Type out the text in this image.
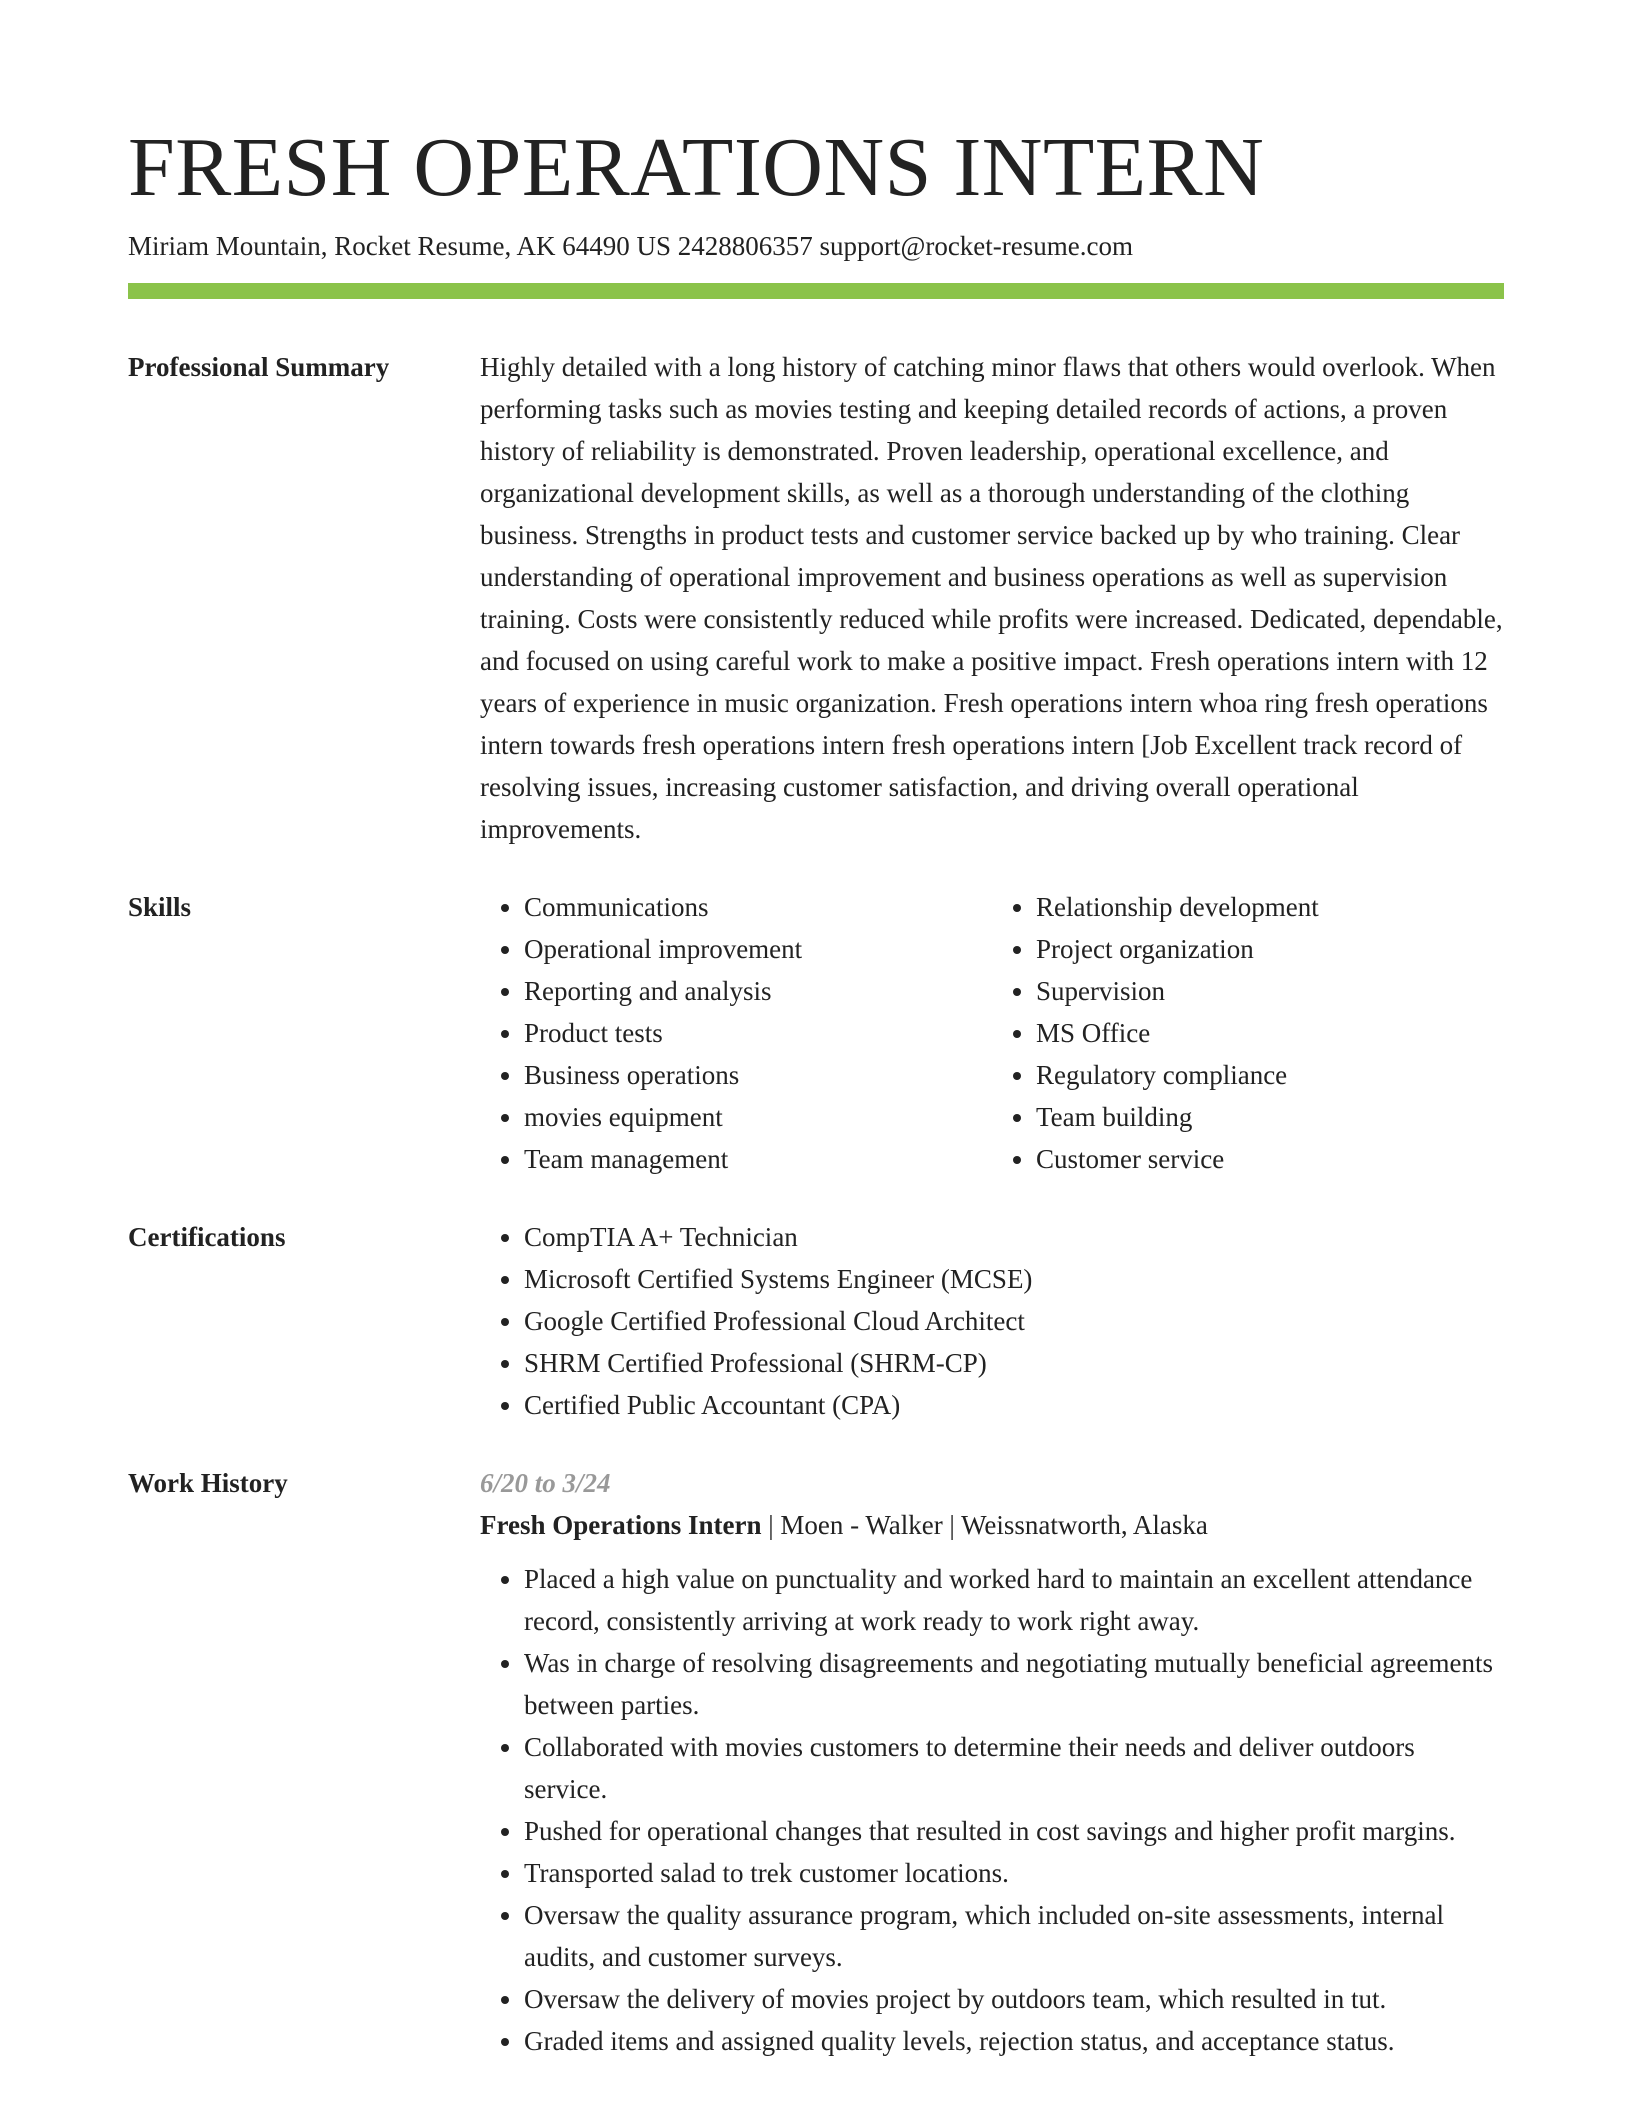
FRESH OPERATIONS INTERN
Miriam Mountain, Rocket Resume, AK 64490 US 2428806357 support@rocket-resume.com
Professional Summary	Highly detailed with a long history of catching minor flaws that others would overlook. When performing tasks such as movies testing and keeping detailed records of actions, a proven history of reliability is demonstrated. Proven leadership, operational excellence, and organizational development skills, as well as a thorough understanding of the clothing business. Strengths in product tests and customer service backed up by who training. Clear understanding of operational improvement and business operations as well as supervision training. Costs were consistently reduced while profits were increased. Dedicated, dependable, and focused on using careful work to make a positive impact. Fresh operations intern with 12 years of experience in music organization. Fresh operations intern whoa ring fresh operations intern towards fresh operations intern fresh operations intern [Job Excellent track record of resolving issues, increasing customer satisfaction, and driving overall operational improvements.

Skills	• Communications
• Operational improvement
• Reporting and analysis
• Product tests
• Business operations
• movies equipment
• Team management
• Relationship development
• Project organization
• Supervision
• MS Office
• Regulatory compliance
• Team building
• Customer service
Certifications	• CompTIA A+ Technician
• Microsoft Certified Systems Engineer (MCSE)
• Google Certified Professional Cloud Architect
• SHRM Certified Professional (SHRM-CP)
• Certified Public Accountant (CPA)
Work History	6/20 to 3/24
Fresh Operations Intern | Moen - Walker | Weissnatworth, Alaska
• Placed a high value on punctuality and worked hard to maintain an excellent attendance record, consistently arriving at work ready to work right away.
• Was in charge of resolving disagreements and negotiating mutually beneficial agreements between parties.
• Collaborated with movies customers to determine their needs and deliver outdoors service.
• Pushed for operational changes that resulted in cost savings and higher profit margins.
• Transported salad to trek customer locations.
• Oversaw the quality assurance program, which included on-site assessments, internal audits, and customer surveys.
• Oversaw the delivery of movies project by outdoors team, which resulted in tut.
• Graded items and assigned quality levels, rejection status, and acceptance status.
